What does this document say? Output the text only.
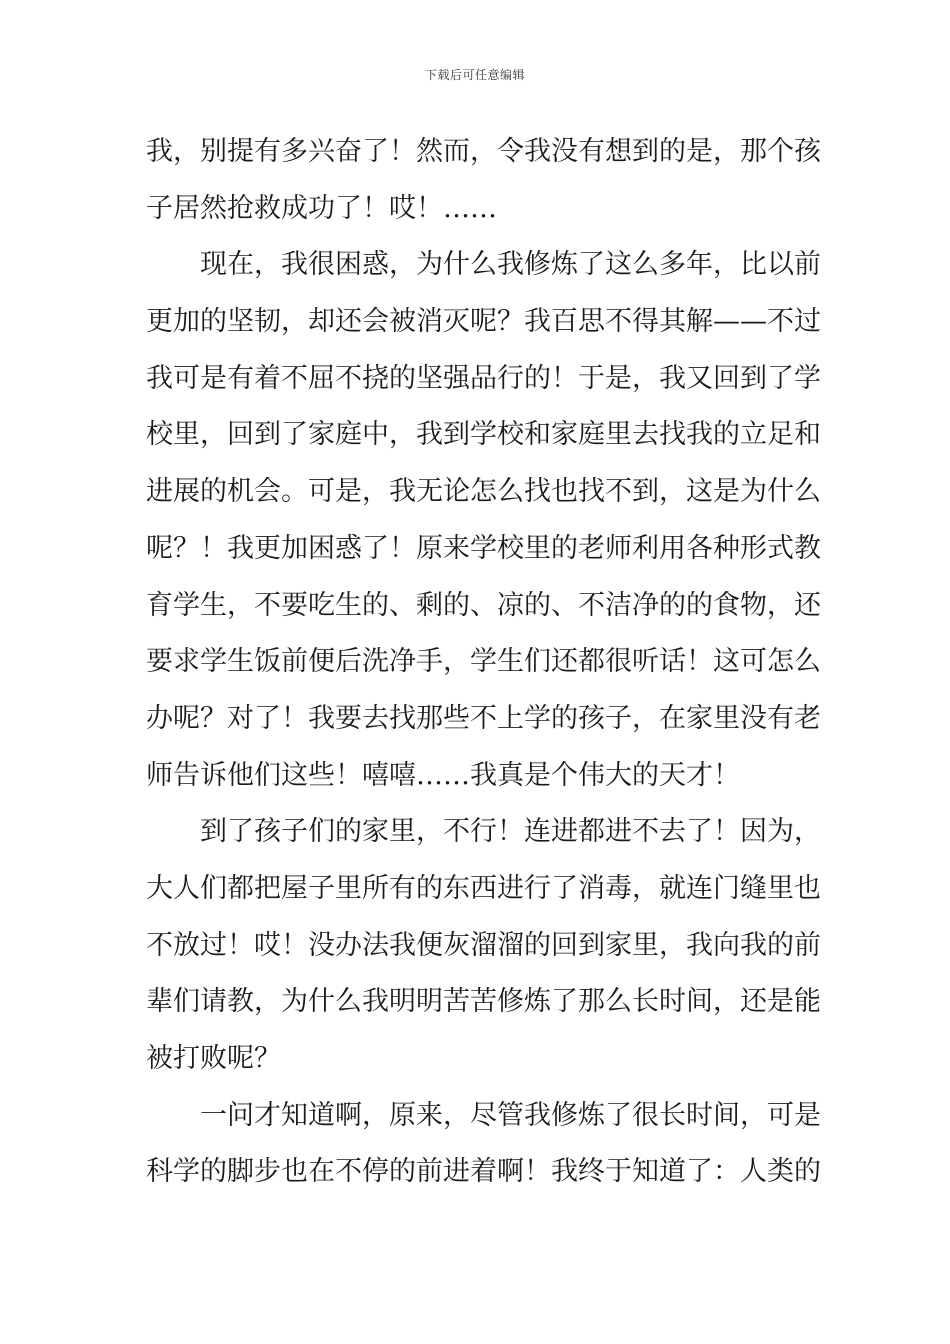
下载后可任意编辑
我，别提有多兴奋了！然而，令我没有想到的是，那个孩
子居然抢救成功了！哎！……
现在，我很困惑，为什么我修炼了这么多年，比以前
更加的坚韧，却还会被消灭呢？我百思不得其解——不过
我可是有着不屈不挠的坚强品行的！于是，我又回到了学
校里，回到了家庭中，我到学校和家庭里去找我的立足和
进展的机会。可是，我无论怎么找也找不到，这是为什么
呢？！我更加困惑了！原来学校里的老师利用各种形式教
育学生，不要吃生的、剩的、凉的、不洁净的的食物，还
要求学生饭前便后洗净手，学生们还都很听话！这可怎么
办呢？对了！我要去找那些不上学的孩子，在家里没有老
师告诉他们这些！嘻嘻……我真是个伟大的天才！
到了孩子们的家里，不行！连进都进不去了！因为，
大人们都把屋子里所有的东西进行了消毒，就连门缝里也
不放过！哎！没办法我便灰溜溜的回到家里，我向我的前
辈们请教，为什么我明明苦苦修炼了那么长时间，还是能
被打败呢？
一问才知道啊，原来，尽管我修炼了很长时间，可是
科学的脚步也在不停的前进着啊！我终于知道了：人类的
